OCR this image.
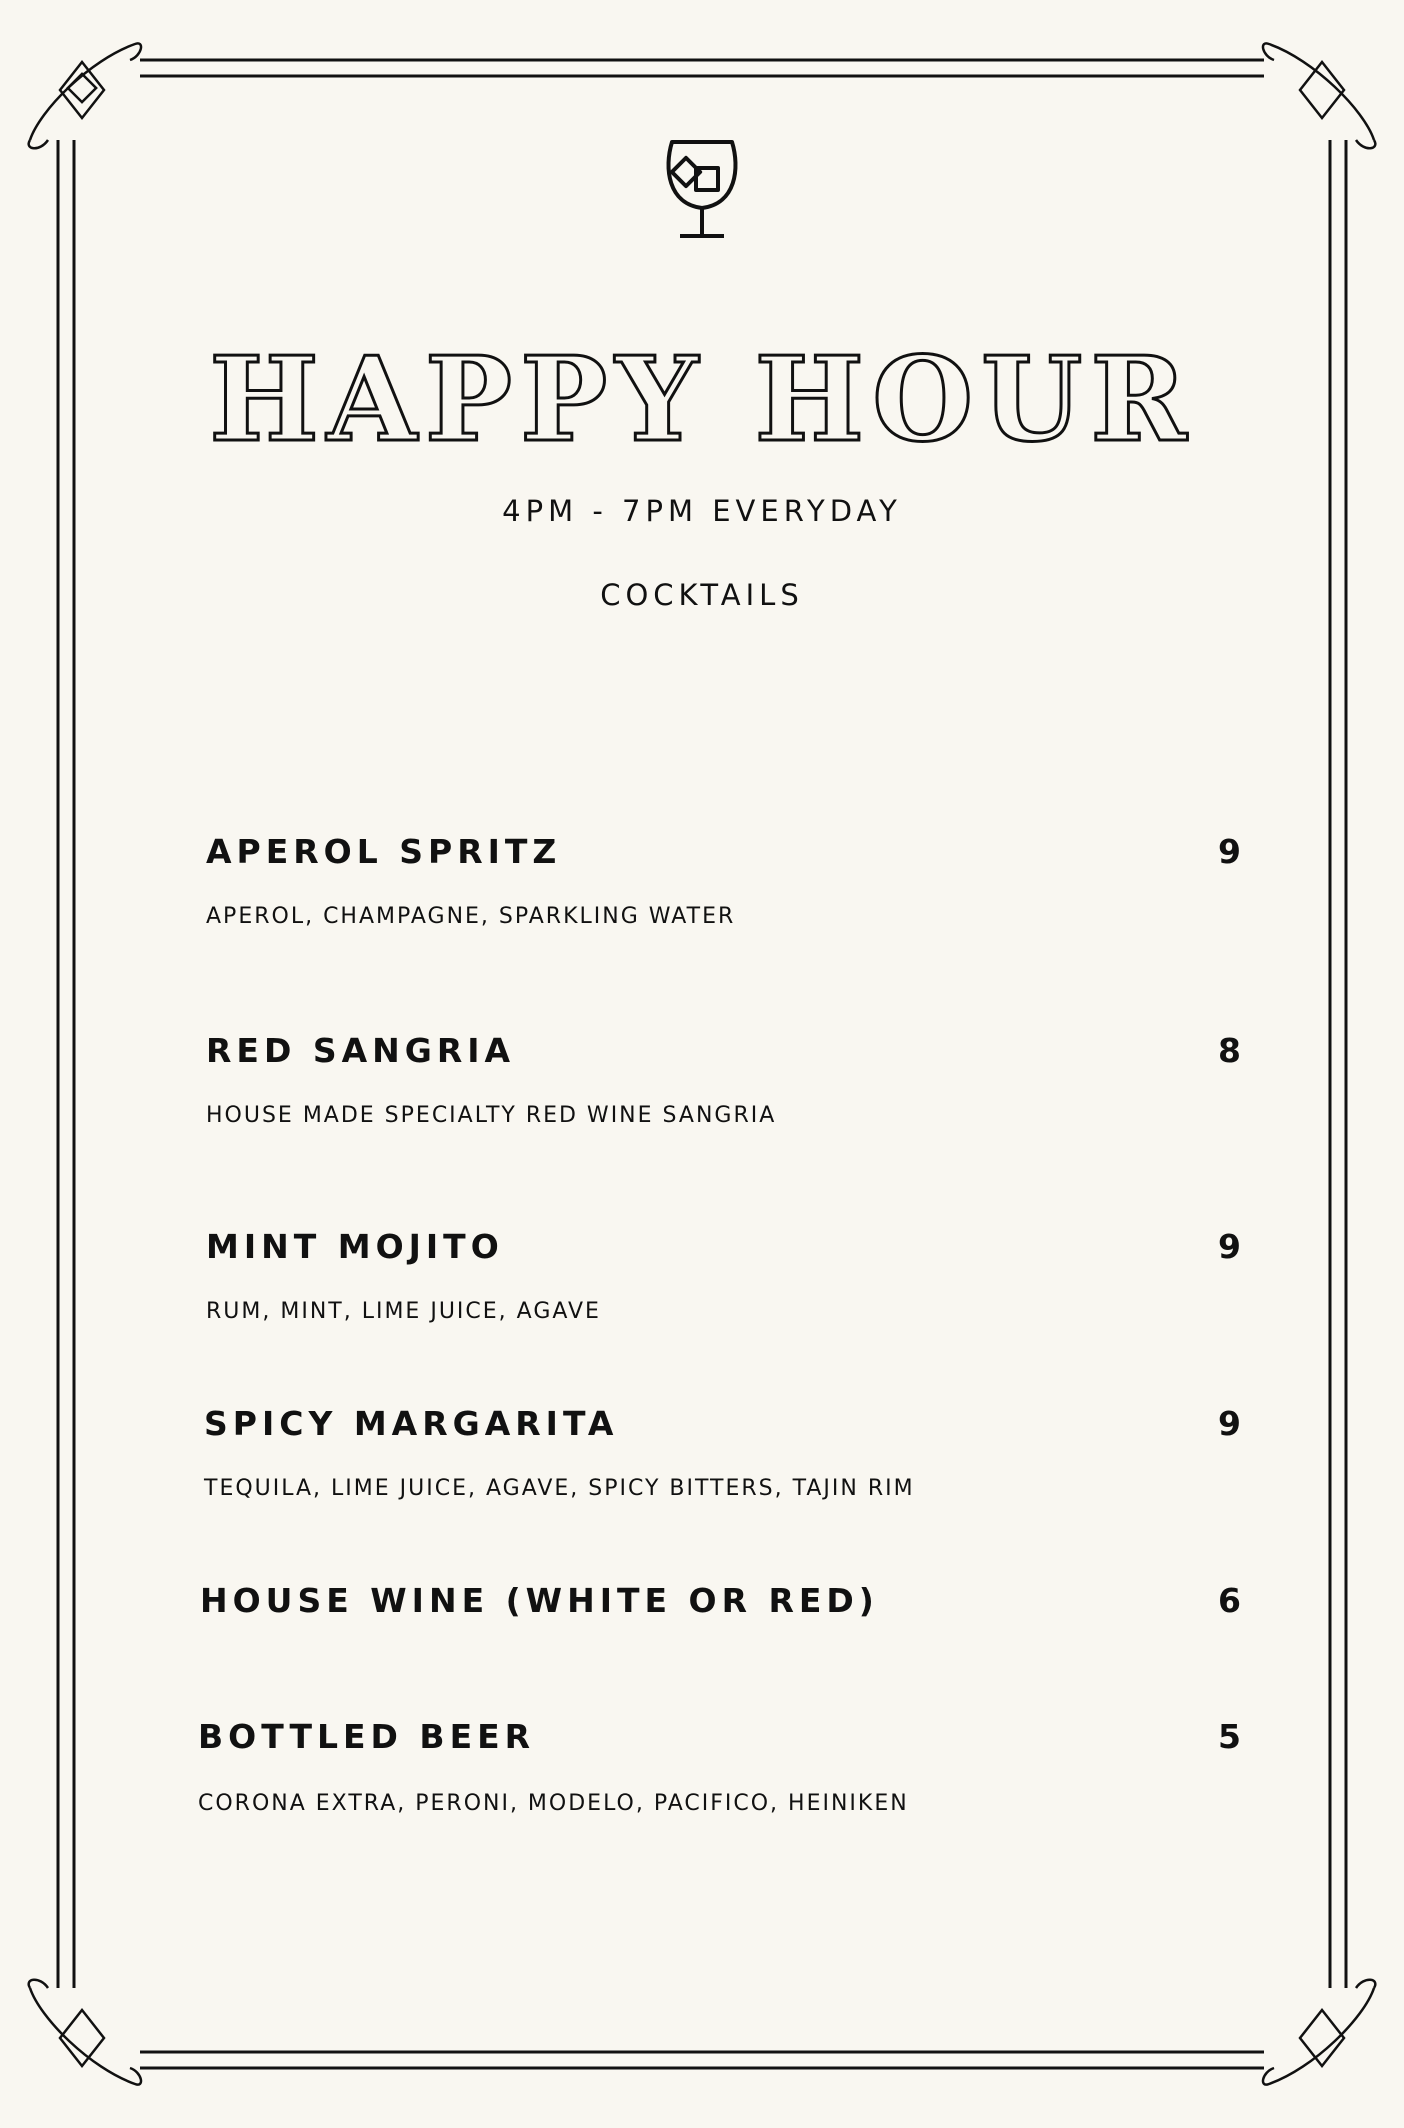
HAPPY HOUR
4PM - 7PM EVERYDAY
COCKTAILS
APEROL SPRITZ	9
APEROL, CHAMPAGNE, SPARKLING WATER
RED SANGRIA	8
HOUSE MADE SPECIALTY RED WINE SANGRIA
MINT MOJITO	9
RUM, MINT, LIME JUICE, AGAVE
SPICY MARGARITA	9
TEQUILA, LIME JUICE, AGAVE, SPICY BITTERS, TAJIN RIM
HOUSE WINE (WHITE OR RED)	6
BOTTLED BEER	5
CORONA EXTRA, PERONI, MODELO, PACIFICO, HEINIKEN
